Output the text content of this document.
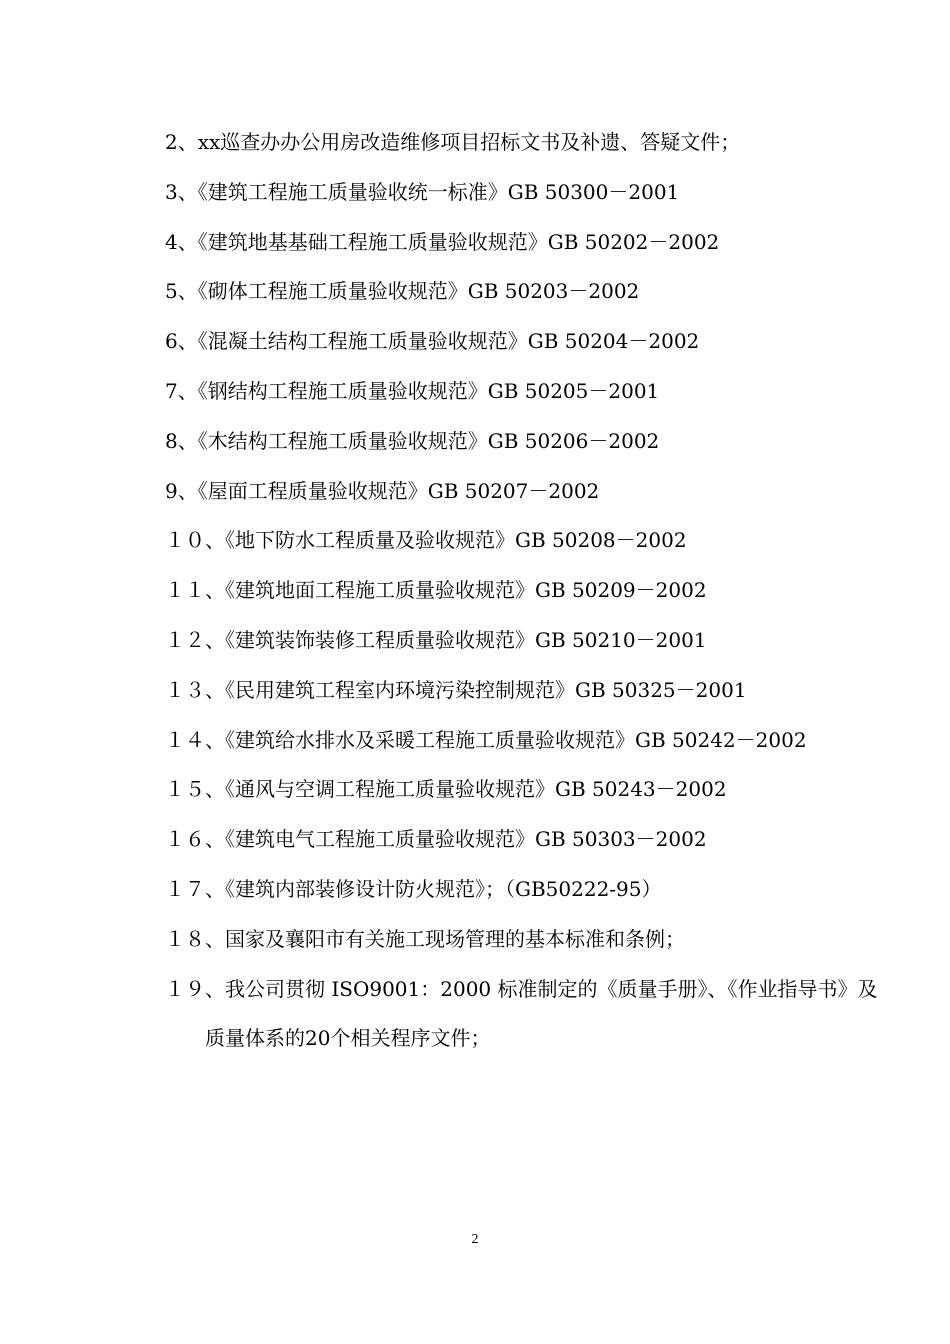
2、xx巡查办办公用房改造维修项目招标文书及补遗、答疑文件；
3、《建筑工程施工质量验收统一标准》GB 50300－2001
4、《建筑地基基础工程施工质量验收规范》GB 50202－2002
5、《砌体工程施工质量验收规范》GB 50203－2002
6、《混凝土结构工程施工质量验收规范》GB 50204－2002
7、《钢结构工程施工质量验收规范》GB 50205－2001
8、《木结构工程施工质量验收规范》GB 50206－2002
9、《屋面工程质量验收规范》GB 50207－2002
１０、《地下防水工程质量及验收规范》GB 50208－2002
１１、《建筑地面工程施工质量验收规范》GB 50209－2002
１２、《建筑装饰装修工程质量验收规范》GB 50210－2001
１３、《民用建筑工程室内环境污染控制规范》GB 50325－2001
１４、《建筑给水排水及采暖工程施工质量验收规范》GB 50242－2002
１５、《通风与空调工程施工质量验收规范》GB 50243－2002
１６、《建筑电气工程施工质量验收规范》GB 50303－2002
１７、《建筑内部装修设计防火规范》；（GB50222-95）
１８、国家及襄阳市有关施工现场管理的基本标准和条例；
１９、我公司贯彻 ISO9001：2000 标准制定的《质量手册》、《作业指导书》及质量体系的20个相关程序文件；
2
